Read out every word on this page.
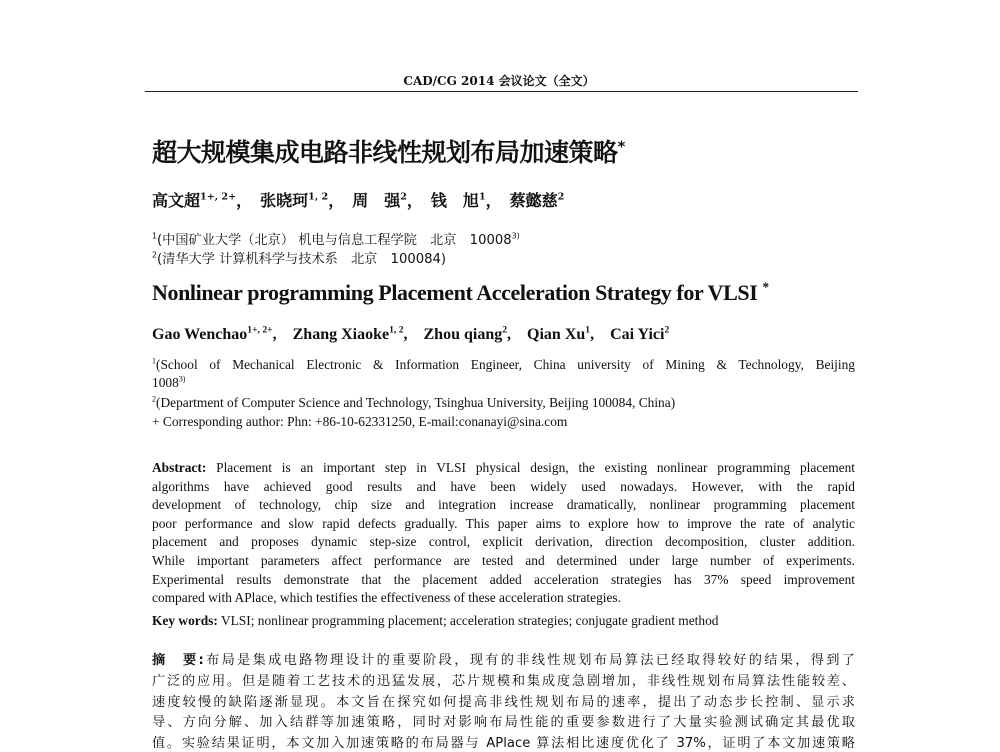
CAD/CG 2014 会议论文（全文）
超大规模集成电路非线性规划布局加速策略*
高文超$^{1+, 2+}$，　张晓珂$^{1, 2}$，　周　强$^2$，　钱　旭$^1$，　蔡懿慈$^2$
$^1$(中国矿业大学（北京） 机电与信息工程学院　北京　10008$^{3)}$
$^2$(清华大学 计算机科学与技术系　北京　100084)
Nonlinear programming Placement Acceleration Strategy for VLSI *
Gao Wenchao$^{1+, 2+}$,　Zhang Xiaoke$^{1, 2}$,　Zhou qiang$^2$,　Qian Xu$^1$,　Cai Yici$^2$
$^1$(School of Mechanical Electronic & Information Engineer, China university of Mining & Technology, Beijing
1008$^{3)}$
$^2$(Department of Computer Science and Technology, Tsinghua University, Beijing 100084, China)
+ Corresponding author: Phn: +86-10-62331250, E-mail:conanayi@sina.com
Abstract: Placement is an important step in VLSI physical design, the existing nonlinear programming placement
algorithms have achieved good results and have been widely used nowadays. However, with the rapid
development of technology, chip size and integration increase dramatically, nonlinear programming placement
poor performance and slow rapid defects gradually. This paper aims to explore how to improve the rate of analytic
placement and proposes dynamic step-size control, explicit derivation, direction decomposition, cluster addition.
While important parameters affect performance are tested and determined under large number of experiments.
Experimental results demonstrate that the placement added acceleration strategies has 37% speed improvement
compared with APlace, which testifies the effectiveness of these acceleration strategies.
Key words: VLSI; nonlinear programming placement; acceleration strategies; conjugate gradient method
摘　要:布局是集成电路物理设计的重要阶段，现有的非线性规划布局算法已经取得较好的结果，得到了
广泛的应用。但是随着工艺技术的迅猛发展，芯片规模和集成度急剧增加，非线性规划布局算法性能较差、
速度较慢的缺陷逐渐显现。本文旨在探究如何提高非线性规划布局的速率，提出了动态步长控制、显示求
导、方向分解、加入结群等加速策略，同时对影响布局性能的重要参数进行了大量实验测试确定其最优取
值。实验结果证明，本文加入加速策略的布局器与 APlace 算法相比速度优化了 37%，证明了本文加速策略
